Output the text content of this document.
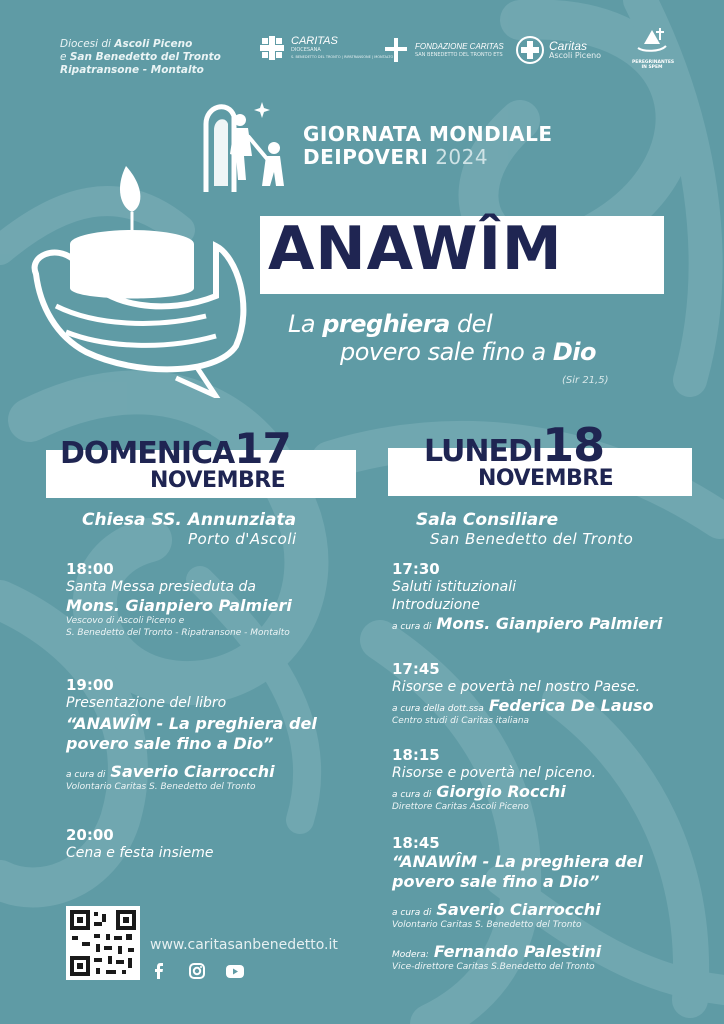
Diocesi di Ascoli Piceno
e San Benedetto del Tronto
Ripatransone - Montalto
CARITAS
DIOCESANA
S. BENEDETTO DEL TRONTO | RIPATRANSONE | MONTALTO
FONDAZIONE CARITAS
SAN BENEDETTO DEL TRONTO ETS
Caritas
Ascoli Piceno
PEREGRINANTES IN SPEM
GIORNATA MONDIALE
DEIPOVERI 2024
ANAWÎM
La preghiera del
povero sale fino a Dio
(Sir 21,5)
DOMENICA17
NOVEMBRE
LUNEDI18
NOVEMBRE
Chiesa SS. Annunziata
Porto d'Ascoli
Sala Consiliare
San Benedetto del Tronto
18:00
Santa Messa presieduta da
Mons. Gianpiero Palmieri
Vescovo di Ascoli Piceno e
S. Benedetto del Tronto - Ripatransone - Montalto
19:00
Presentazione del libro
“ANAWÎM - La preghiera del
povero sale fino a Dio”
a cura di Saverio Ciarrocchi
Volontario Caritas S. Benedetto del Tronto
20:00
Cena e festa insieme
17:30
Saluti istituzionali
Introduzione
a cura di Mons. Gianpiero Palmieri
17:45
Risorse e povertà nel nostro Paese.
a cura della dott.ssa Federica De Lauso
Centro studi di Caritas italiana
18:15
Risorse e povertà nel piceno.
a cura di Giorgio Rocchi
Direttore Caritas Ascoli Piceno
18:45
“ANAWÎM - La preghiera del
povero sale fino a Dio”
a cura di Saverio Ciarrocchi
Volontario Caritas S. Benedetto del Tronto
Modera: Fernando Palestini
Vice-direttore Caritas S.Benedetto del Tronto
www.caritasanbenedetto.it
